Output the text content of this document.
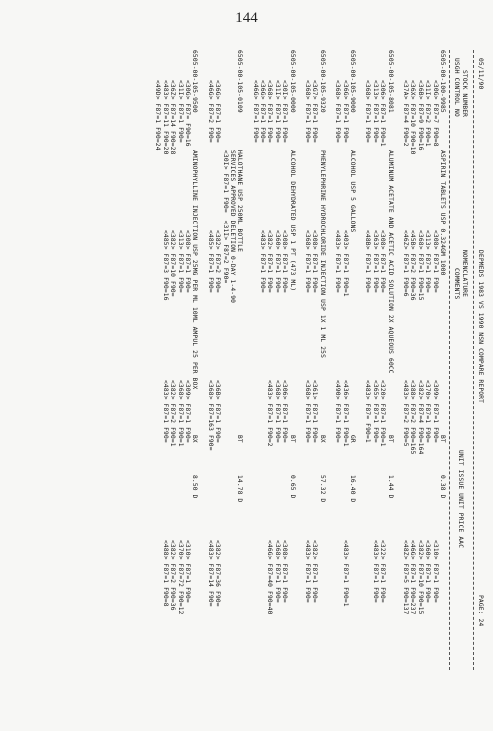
144
05/11/90
DEPMEDS 1983 VS 1990 NSN COMPARE REPORT
PAGE: 24
STOCK NUMBER
USGH CONTROL NO
NOMENCLATURE
COMMENTS
UNIT ISSUE UNIT PRICE AAC
6505-00-100-9985
ASPIRIN TABLETS USP 0.324GM 1000
BT
0.38 D
<30G> F87=7 F90=8
<31I> F87=2 F90=1
<36B> F87=9 F90=16
<36X> F87=10 F90=10
<37A> F87=4 F90=2
<308> F87=1 F90=
<313> F87=1 F90=
<368> F87=1 F90=15
<45B> F87=2 F90=36
<46Z> F87=1 F90=6
<309> F87=1 F90=
<370> F87=1 F90=
<382> F87=4 F90=164
<388> F87=2 F90=165
<483> F87=2 F90=5
<310> F87=1 F90=
<360> F87=1 F90=
<382> F87=10 F90=15
<46G> F87=1 F90=237
<48Z> F87=5 F90=137
6505-00-105-8081
ALUMINUM ACETATE AND ACETIC ACID SOLUTION 2X AQUEOUS 60CC
BT
1.44 D
<306> F87=1 F90=1
<313> F87=1 F90=
<368> F87=1 F90=
<308> F87=1 F90=
<363> F87=1 F90=
<48B> F87=1 F90=
<320> F87=1 F90=1
<365> F87=1 F90=
<483> F87= F90=1
<322> F87=1 F90=
<483> F87=1 F90=
6505-00-105-9000
ALCOHOL USP 5 GALLONS
GR
16.40 D
<36G> F87=1 F90=
<368> F87=1 F90=
<403> F87=1 F90=1
<483> F87=1 F90=
<436> F87=1 F90=1
<490> F87=1 F90=
<483> F87=1 F90=1
6505-00-105-9320
PHENYLEPHRINE HYDROCHLORIDE INJECTION USP 1X 1 ML 25S
BX
57.32 D
<3G7> F87=1 F90=
<368> F87=1 F90=
<308> F87=1 F90=
<368> F87=1 F90=
<361> F87=1 F90=
<368> F87=1 F90=
<382> F87=1 F90=
<483> F87=1 F90=
6505-00-105-0000
ALCOHOL DEHYDRATED USP 1 PT (473 ML)
BT
0.65 D
<30I> F87=1 F90=
<31I> F87=1 F90=
<368> F87=1 F90=
<36G> F87=1 F90=
<46G> F87=1 F90=
<308> F87=1 F90=
<360> F87=1 F90=
<382> F87=1 F90=
<483> F87=1 F90=
<306> F87=1 F90=
<368> F87=1 F90=
<483> F87=1 F90=2
<308> F87=1 F90=
<368> F87=1 F90=
<46G> F87=40 F90=40
6505-00-105-0109
HALOTHANE USP 250ML BOTTLE
BT
14.78 D
SERVICES APPROVED DELETION 0-DAY 1-4-90
<30I> F87=1 F90=  <31I> F87=2 F90=
<36G> F87=1 F90=
<46G> F87=2 F90=
<382> F87=2 F90=
<485> F87=1 F90=
<36B> F87=1 F90=
<368> F87=163 F90=
<382> F87=36 F90=
<483> F87=14 F90=
6505-00-105-9500
AMINOPHYLLINE INJECTION USP 25MG PER ML 10ML AMPUL 25 PER BOX
BX
8.50 D
<30G> F87= F90=16
<31I> F87=1 F90=
<36Z> F87=14 F90=28
<483> F87=11 F90=20
<49D> F87=1 F90=24
<308> F87=1 F90=
<313> F87=1 F90=
<382> F87=10 F90=
<485> F87=3 F90=16
<309> F87=1 F90=
<368> F87=1 F90=1
<382> F87=2 F90=1
<483> F87=1 F90=
<310> F87=1 F90=
<370> F87=72 F90=12
<382> F87=2 F90=36
<488> F87=1 F90=8
